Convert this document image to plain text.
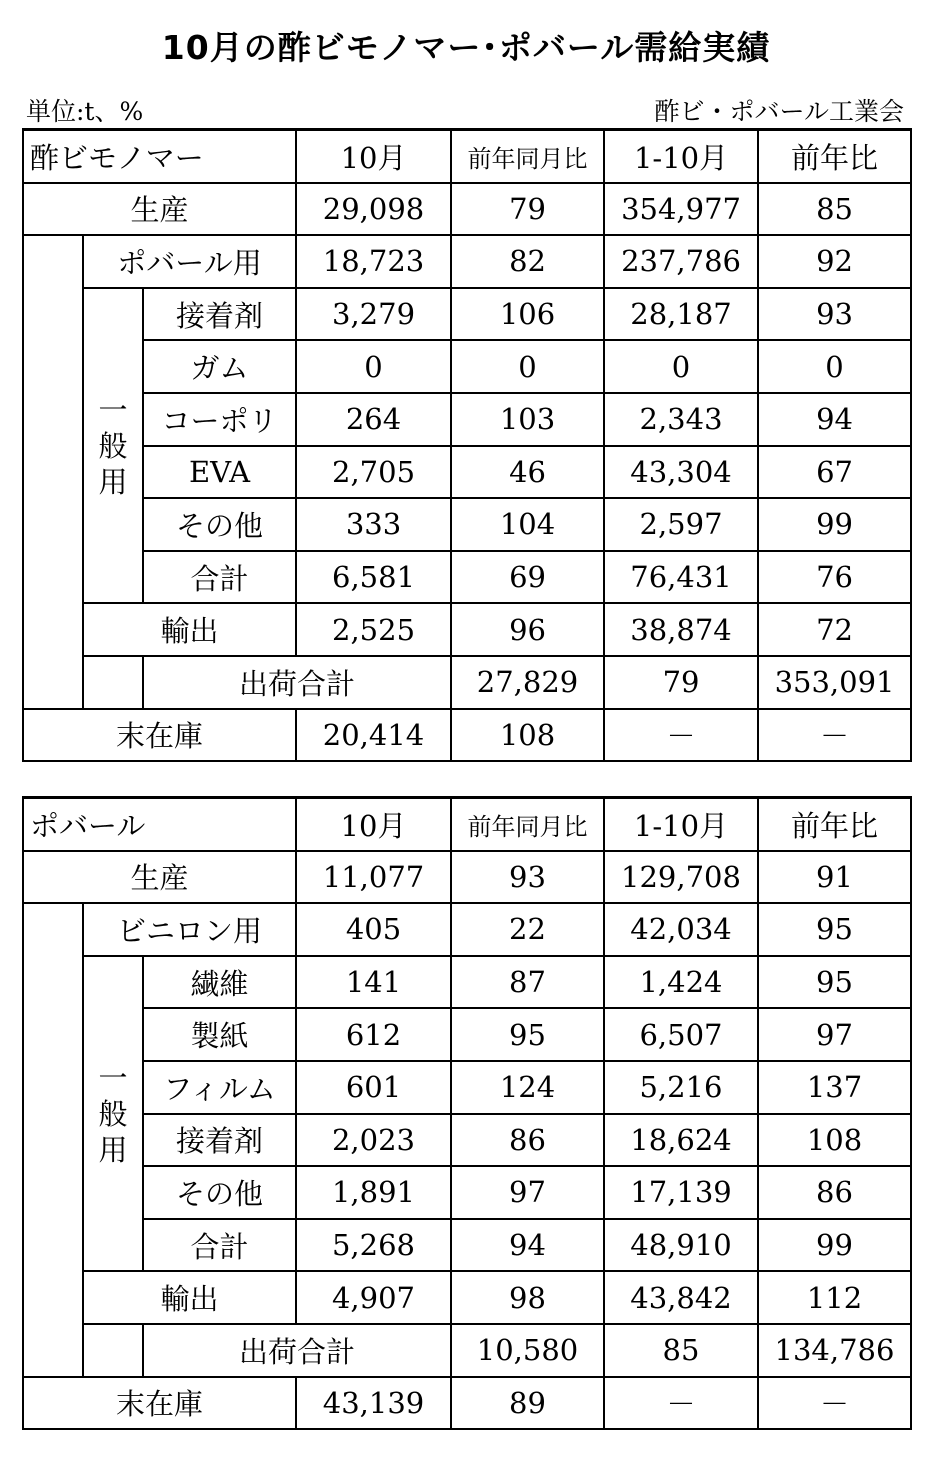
10月の酢ビモノマー･ポバール需給実績
単位:t、%	酢ビ・ポバール工業会
酢ビモノマー			10月	前年同月比	1-10月	前年比	
生産			29,098	79	354,977	85	
	ポバール用		18,723	82	237,786	92	

	一
般
用	接着剤	3,279	106	28,187	93	
		ガム	0	0	0	0	
		コーポリ	264	103	2,343	94	
		EVA	2,705	46	43,304	67	
		その他	333	104	2,597	99	
		合計	6,581	69	76,431	76	
	輸出		2,525	96	38,874	72	
		出荷合計		27,829	79	353,091	
末在庫			20,414	108	－	－	
ポバール			10月	前年同月比	1-10月	前年比	
生産			11,077	93	129,708	91	
	ビニロン用		405	22	42,034	95	

	一
般
用	繊維	141	87	1,424	95	
		製紙	612	95	6,507	97	
		フィルム	601	124	5,216	137	
		接着剤	2,023	86	18,624	108	
		その他	1,891	97	17,139	86	
		合計	5,268	94	48,910	99	
	輸出		4,907	98	43,842	112	
		出荷合計		10,580	85	134,786	
末在庫			43,139	89	－	－	
